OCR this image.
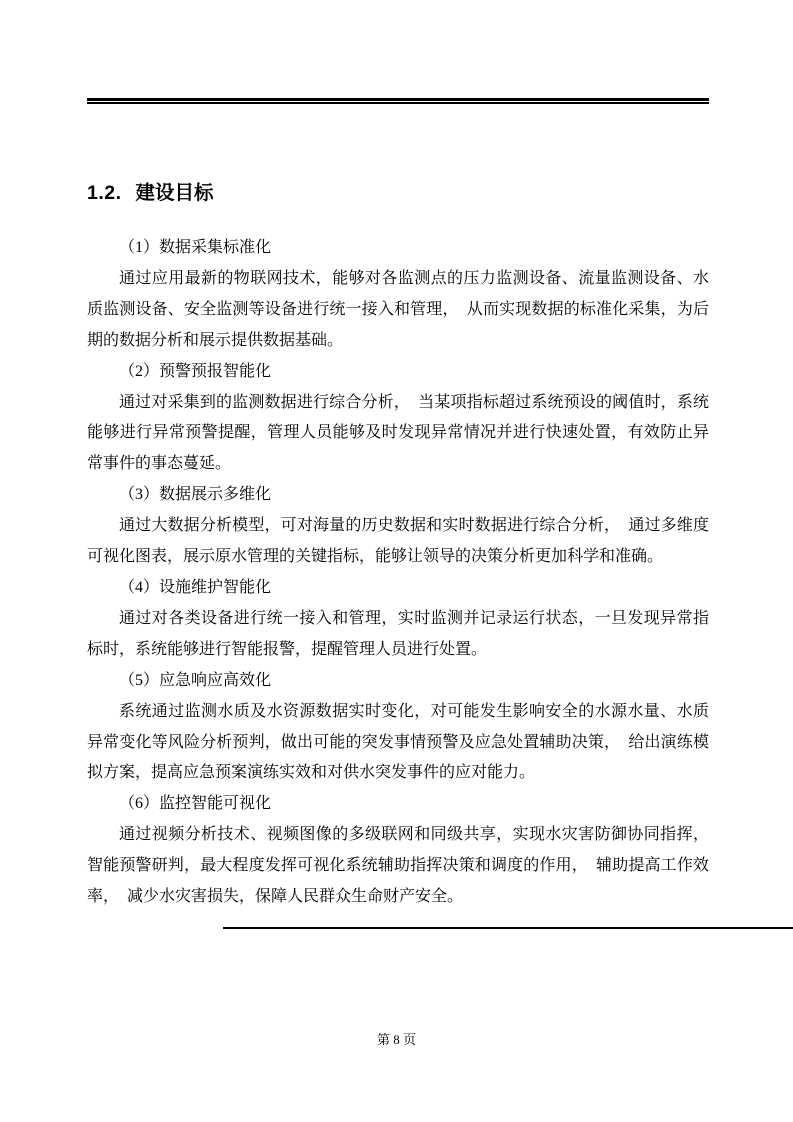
1.2. 建设目标

（1）数据采集标准化

通过应用最新的物联网技术，能够对各监测点的压力监测设备、流量监测设备、水质监测设备、安全监测等设备进行统一接入和管理，　从而实现数据的标准化采集，为后期的数据分析和展示提供数据基础。

（2）预警预报智能化

通过对采集到的监测数据进行综合分析，　当某项指标超过系统预设的阈值时，系统能够进行异常预警提醒，管理人员能够及时发现异常情况并进行快速处置，有效防止异常事件的事态蔓延。

（3）数据展示多维化

通过大数据分析模型，可对海量的历史数据和实时数据进行综合分析，　通过多维度可视化图表，展示原水管理的关键指标，能够让领导的决策分析更加科学和准确。

（4）设施维护智能化

通过对各类设备进行统一接入和管理，实时监测并记录运行状态，一旦发现异常指标时，系统能够进行智能报警，提醒管理人员进行处置。

（5）应急响应高效化

系统通过监测水质及水资源数据实时变化，对可能发生影响安全的水源水量、水质异常变化等风险分析预判，做出可能的突发事情预警及应急处置辅助决策，　给出演练模拟方案，提高应急预案演练实效和对供水突发事件的应对能力。

（6）监控智能可视化

通过视频分析技术、视频图像的多级联网和同级共享，实现水灾害防御协同指挥，智能预警研判，最大程度发挥可视化系统辅助指挥决策和调度的作用，　辅助提高工作效率，　减少水灾害损失，保障人民群众生命财产安全。

第 8 页
